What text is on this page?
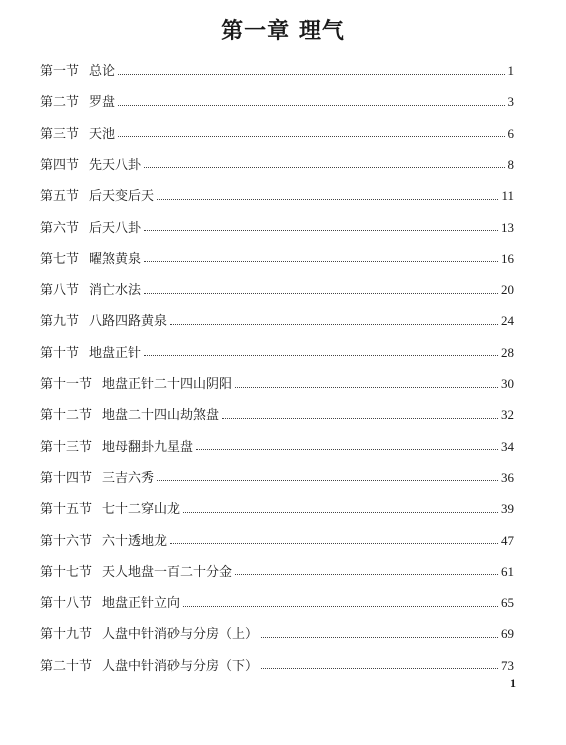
第一章 理气
第一节 总论	1
第二节 罗盘	3
第三节 天池	6
第四节 先天八卦	8
第五节 后天变后天	11
第六节 后天八卦	13
第七节 曜煞黄泉	16
第八节 消亡水法	20
第九节 八路四路黄泉	24
第十节 地盘正针	28
第十一节 地盘正针二十四山阴阳	30
第十二节 地盘二十四山劫煞盘	32
第十三节 地母翻卦九星盘	34
第十四节 三吉六秀	36
第十五节 七十二穿山龙	39
第十六节 六十透地龙	47
第十七节 天人地盘一百二十分金	61
第十八节 地盘正针立向	65
第十九节 人盘中针消砂与分房（上）	69
第二十节 人盘中针消砂与分房（下）	73
1
